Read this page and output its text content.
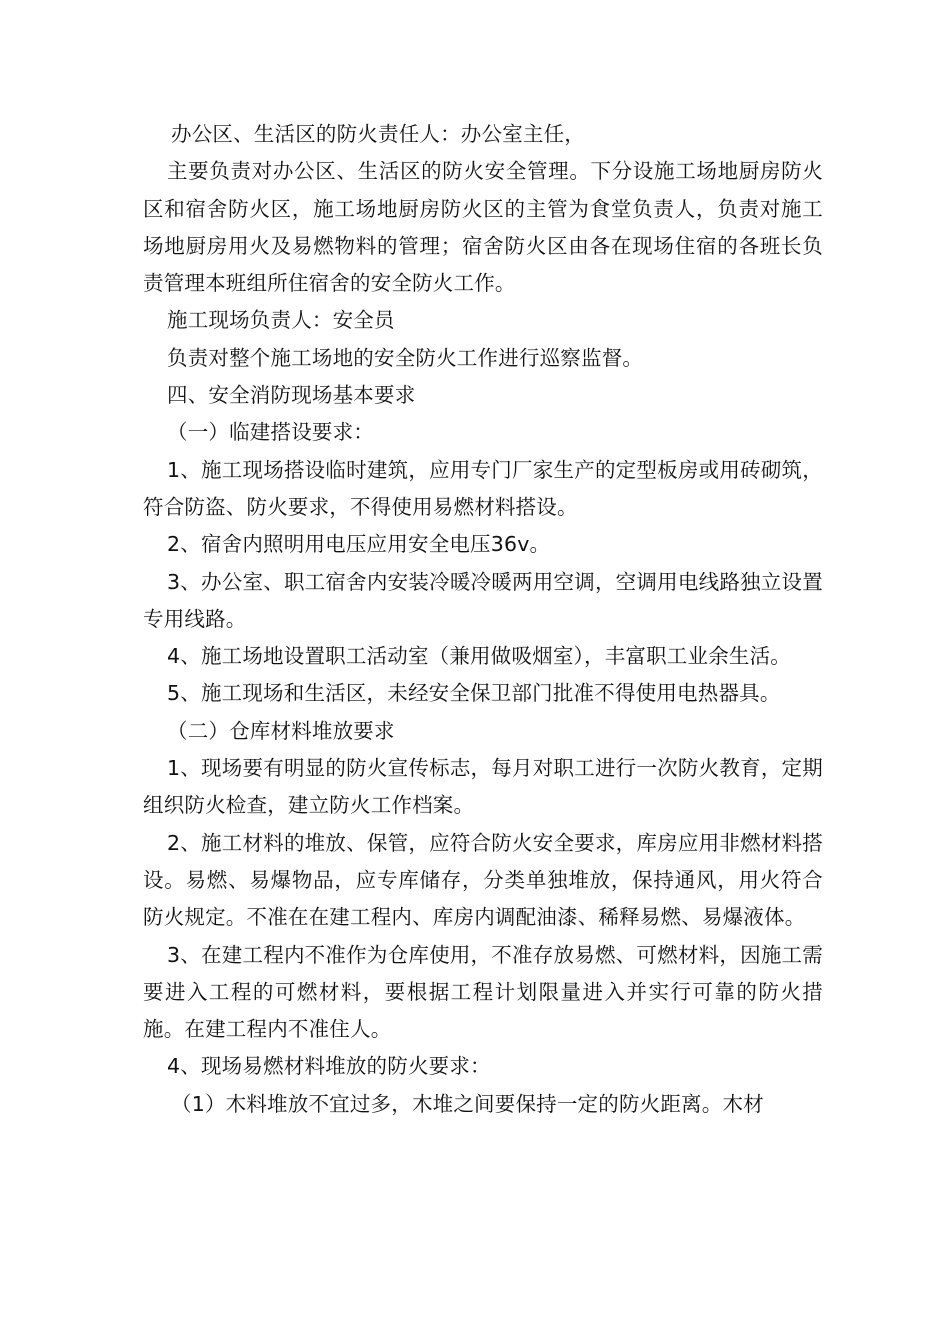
办公区、生活区的防火责任人：办公室主任，

主要负责对办公区、生活区的防火安全管理。下分设施工场地厨房防火区和宿舍防火区，施工场地厨房防火区的主管为食堂负责人，负责对施工场地厨房用火及易燃物料的管理；宿舍防火区由各在现场住宿的各班长负责管理本班组所住宿舍的安全防火工作。

施工现场负责人：安全员

负责对整个施工场地的安全防火工作进行巡察监督。

四、安全消防现场基本要求

（一）临建搭设要求：

1、施工现场搭设临时建筑，应用专门厂家生产的定型板房或用砖砌筑，符合防盗、防火要求，不得使用易燃材料搭设。

2、宿舍内照明用电压应用安全电压36v。

3、办公室、职工宿舍内安装冷暖冷暖两用空调，空调用电线路独立设置专用线路。

4、施工场地设置职工活动室（兼用做吸烟室），丰富职工业余生活。

5、施工现场和生活区，未经安全保卫部门批准不得使用电热器具。

（二）仓库材料堆放要求

1、现场要有明显的防火宣传标志，每月对职工进行一次防火教育，定期组织防火检查，建立防火工作档案。

2、施工材料的堆放、保管，应符合防火安全要求，库房应用非燃材料搭设。易燃、易爆物品，应专库储存，分类单独堆放，保持通风，用火符合防火规定。不准在在建工程内、库房内调配油漆、稀释易燃、易爆液体。

3、在建工程内不准作为仓库使用，不准存放易燃、可燃材料，因施工需要进入工程的可燃材料，要根据工程计划限量进入并实行可靠的防火措施。在建工程内不准住人。

4、现场易燃材料堆放的防火要求：

（1）木料堆放不宜过多，木堆之间要保持一定的防火距离。木材
